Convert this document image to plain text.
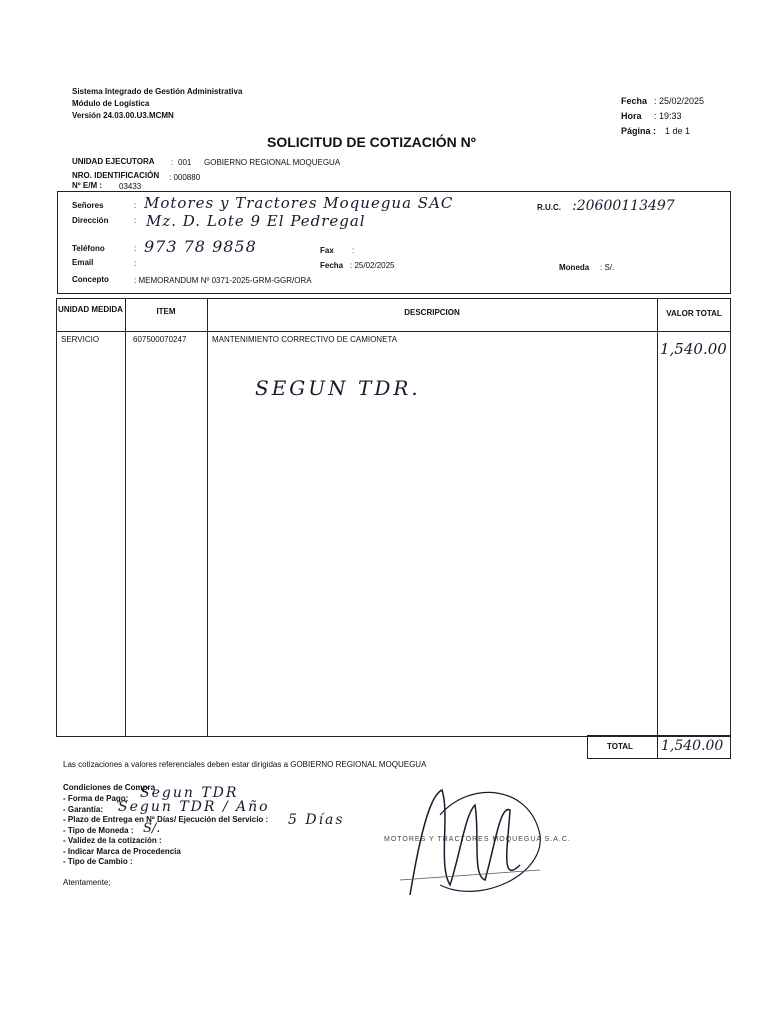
Sistema Integrado de Gestión Administrativa
Módulo de Logística
Versión 24.03.00.U3.MCMN
Fecha : 25/02/2025
Hora : 19:33
Página : 1 de 1
SOLICITUD DE COTIZACIÓN Nº
UNIDAD EJECUTORA : 001 GOBIERNO REGIONAL MOQUEGUA
NRO. IDENTIFICACIÓN : 000880
Nº E/M : 03433
Señores	: Motores y Tractores Moquegua SAC
Dirección	: Mz. D. Lote 9 El Pedregal
R.U.C. :20600113497
Teléfono	: 973 78 9858	Fax :
Email	:	Fecha : 25/02/2025	Moneda : S/.
Concepto	: MEMORANDUM Nº 0371-2025-GRM-GGR/ORA
UNIDAD MEDIDA	ITEM	DESCRIPCION	VALOR TOTAL
SERVICIO	607500070247	MANTENIMIENTO CORRECTIVO DE CAMIONETA
1,540.00
SEGUN TDR.
TOTAL 1,540.00
Las cotizaciones a valores referenciales deben estar dirigidas a GOBIERNO REGIONAL MOQUEGUA
Condiciones de Compra
- Forma de Pago: Segun TDR
- Garantía: Segun TDR / Año
- Plazo de Entrega en Nº Días/ Ejecución del Servicio : 5 Días
- Tipo de Moneda : S/.
- Validez de la cotización :
- Indicar Marca de Procedencia
- Tipo de Cambio :
Atentamente;
MOTORES Y TRACTORES MOQUEGUA S.A.C.
